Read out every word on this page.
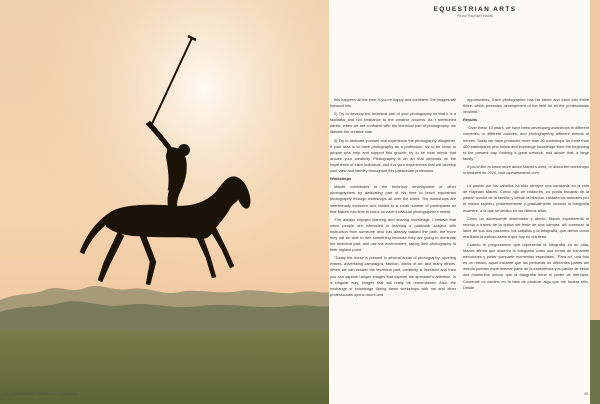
EQUESTRIAN ARTS
Photo: Raphael Macek

this happens all the time; if you're happy and confident, the images will transmit this.

2) Try to develop the technical part of your photography so that it is a facilitator and not hindrance to the creative process. As I mentioned earlier, when we are confident with the technical part of photography, we liberate the creative side.

3) Try to dedicate yourself and experience the photography altogether. If your idea is to have photography as a profession, try to be close to people who help and support this growth; try to be near minds that arouse your creativity. Photography is an art that depends on the experience of each individual, and it is your experiences that will develop your view and identity throughout this passionate profession.

Workshops

Macek contributes to the technical development of other photographers by dedicating part of his time to teach equestrian photography through workshops all over the world. The workshops are intentionally exclusive and limited to a small number of participants so that Macek has time to focus on each individual photographer's needs.

"I've always enjoyed learning and sharing knowledge, I believe that when people are interested in learning a particular subject with instruction from someone who has already walked the path, the more they will be able to see something because they are going to dominate the technical part, and use the environment, taking their photography to their highest point.

"Today the horse is present in several areas of photography: sporting events, advertising campaigns, fashion, works of art, and many others. When we can master the technical part, creativity is liberated and then you can capture unique images that capture the spectator's attention. In a singular way, images that will really be remembered. Also, the exchange of knowledge during these workshops with me and other professionals opens doors and

opportunities. Each photographer has his talent and each can thrive there, which promotes development of the field for all the professionals involved."

Results

"Over these 10 years, we have been developing workshops in different countries, in different cultures, and photographing different breeds of horses. Today we have produced more than 20 workshops for more than 400 participants who follow and exchange knowledge from the beginning to the present day, forming a great network, and above that, a large family."

If you'd like to know more about Macek's work, or about the workshops scheduled for 2016, visit raphaelmacek.com.

La pasión por los caballos ha sido siempre una constante en la vida de Raphael Macek. Como hijo de criadores, no podía escapar de la pasión común de la familia, y desde la infancia, cuidaba los animales por el mismo espíritu; posteriormente y gradualmente conoció la fotografía ecuestre, a la que se dedicó en los últimos años.

Como un adolescente observador y atento, Macek experimentó el mundo a través de la óptica del lente de una cámara, allí comenzó la labor de sus dos pasiones: los caballos y la fotografía, que dieron como resultado la exitosa carrera que hoy en día tiene.

Cuando le preguntamos qué representa la fotografía en su vida, Macek afirma que observa la fotografía como una forma de transmitir emociones y poder compartir momentos especiales. "Para mí, una foto es un retrato, aquel instante que las personas no diferentes partes del mundo puedan experimentar parte de la experiencia y la pasión de estos dos momentos únicos que la fotografía tiene el poder de eternizar. Comencé mi camino en la idea de producir algo que me hiciera feliz. Desde

44 / EQUESTRIAN IBERO-LAT MAGAZINE	45
